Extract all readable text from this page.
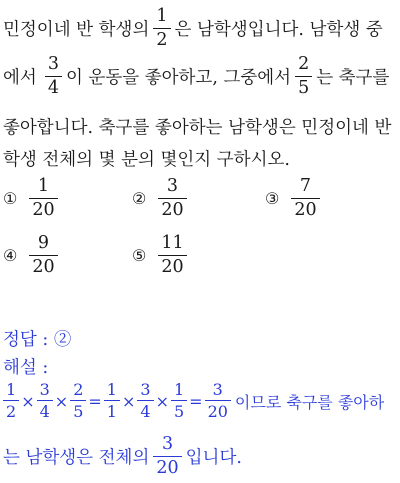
민정이네 반 학생의 $\frac{1}{2}$ 은 남학생입니다. 남학생 중
에서 $\frac{3}{4}$ 이 운동을 좋아하고, 그중에서 $\frac{2}{5}$ 는 축구를
좋아합니다. 축구를 좋아하는 남학생은 민정이네 반
학생 전체의 몇 분의 몇인지 구하시오.
① $\frac{1}{20}$	② $\frac{3}{20}$	③ $\frac{7}{20}$
④ $\frac{9}{20}$	⑤ $\frac{11}{20}$
정답 : ②
해설 :
$\frac{1}{2} \times \frac{3}{4} \times \frac{2}{5} = \frac{1}{1} \times \frac{3}{4} \times \frac{1}{5} = \frac{3}{20}$ 이므로 축구를 좋아하
는 남학생은 전체의 $\frac{3}{20}$ 입니다.
